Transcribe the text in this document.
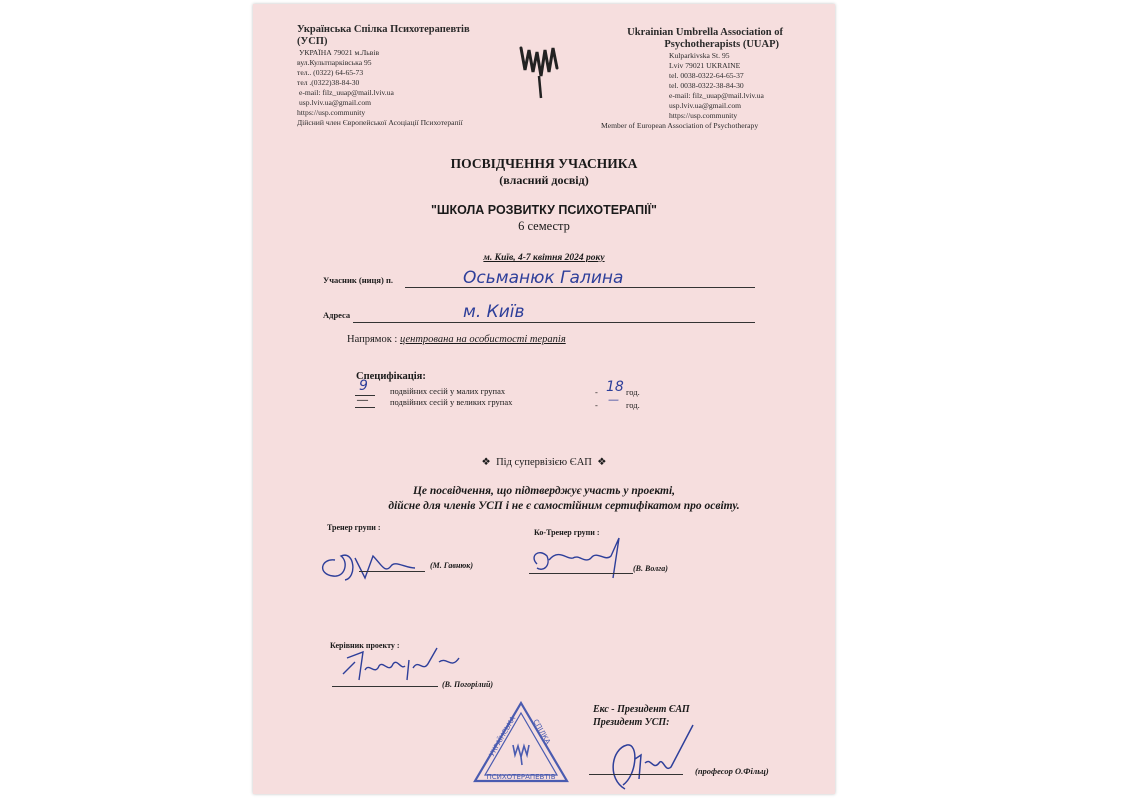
Українська Спілка Психотерапевтів
(УСП)
УКРАЇНА 79021 м.Львів
вул.Культпарківська 95
тел.. (0322) 64-65-73
тел .(0322)38-84-30
e-mail: filz_uuap@mail.lviv.ua
usp.lviv.ua@gmail.com
https://usp.community
Дійсний член Європейської Асоціації Психотерапії
Ukrainian Umbrella Association of
Psychotherapists (UUAP)
Kulparkivska St. 95
Lviv 79021 UKRAINE
tel. 0038-0322-64-65-37
tel. 0038-0322-38-84-30
e-mail: filz_uuap@mail.lviv.ua
usp.lviv.ua@gmail.com
https://usp.community
Member of European Association of Psychotherapy
ПОСВІДЧЕННЯ УЧАСНИКА
(власний досвід)
"ШКОЛА РОЗВИТКУ ПСИХОТЕРАПІЇ"
6 семестр
м. Київ, 4-7 квітня 2024 року
Учасник (ниця) п.	Осьманюк Галина
Адреса	м. Київ
Напрямок : центрована на особистості терапія
Специфікація:
9	подвійних сесій у малих групах	- 18 год.
—	подвійних сесій у великих групах	- — год.
❖ Під супервізією ЄАП ❖
Це посвідчення, що підтверджує участь у проекті,
дійсне для членів УСП і не є самостійним сертифікатом про освіту.
Тренер групи :
(М. Гавнюк)
Ко-Тренер групи :
(В. Волга)
Керівник проекту :
(В. Погорілий)
УКРАЇНСЬКА СПІЛКА
ПСИХОТЕРАПЕВТІВ
Екс - Президент ЄАП
Президент УСП:
(професор О.Фільц)
